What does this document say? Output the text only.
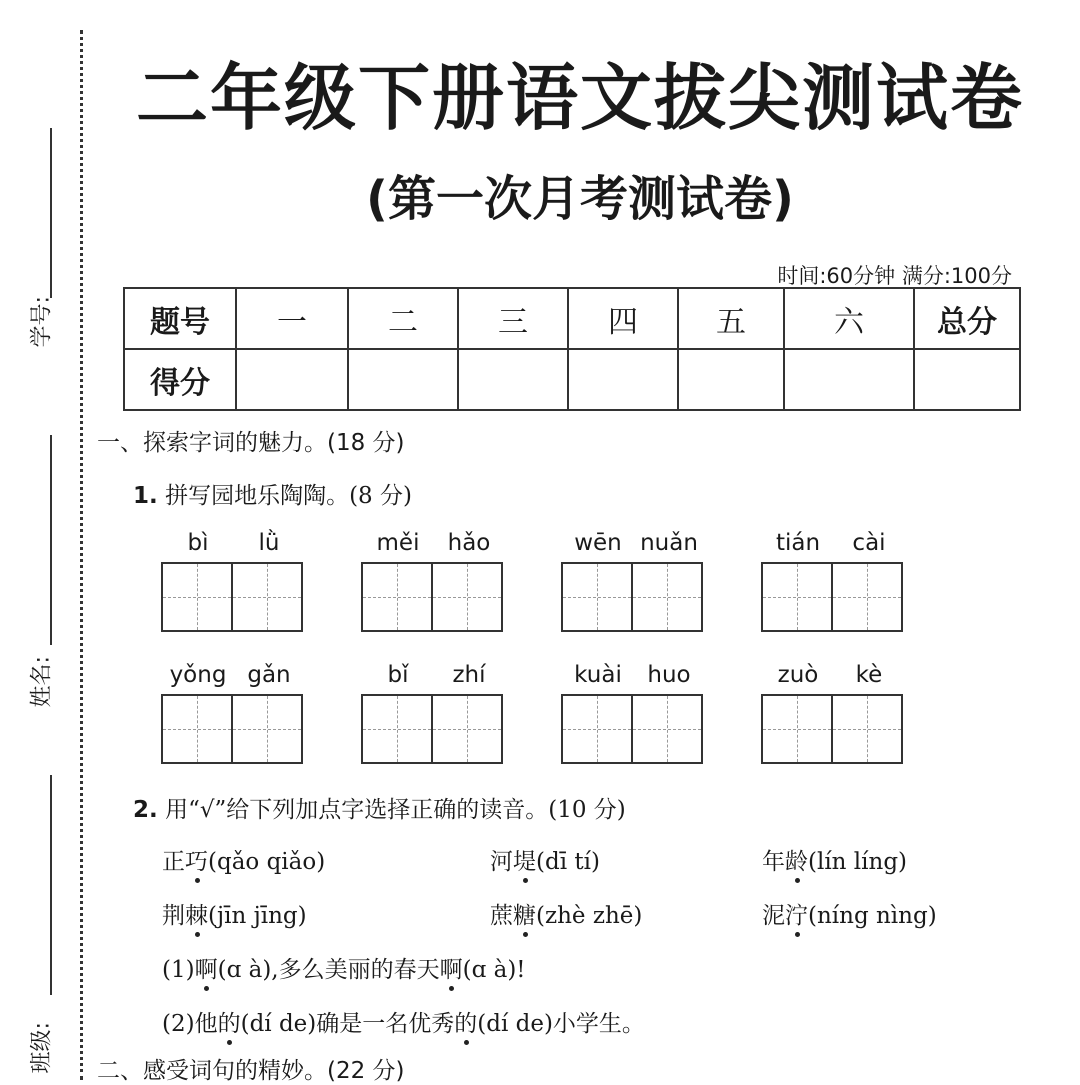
学号:
姓名:
班级:
二年级下册语文拔尖测试卷
(第一次月考测试卷)
时间:60分钟 满分:100分
题号	一	二	三	四	五	六	总分
得分							
一、探索字词的魅力。(18 分)
1. 拼写园地乐陶陶。(8 分)
bì	lǜ	měi	hǎo	wēn nuǎn	tián	cài
yǒng gǎn	bǐ	zhí	kuài	huo	zuò	kè
2. 用“√”给下列加点字选择正确的读音。(10 分)
正巧(qǎo qiǎo)	河堤(dī tí)	年龄(lín líng)
荆棘(jīn jīng)	蔗糖(zhè zhē)	泥泞(níng nìng)
(1)啊(ɑ à),多么美丽的春天啊(ɑ à)!
(2)他的(dí de)确是一名优秀的(dí de)小学生。
二、感受词句的精妙。(22 分)
